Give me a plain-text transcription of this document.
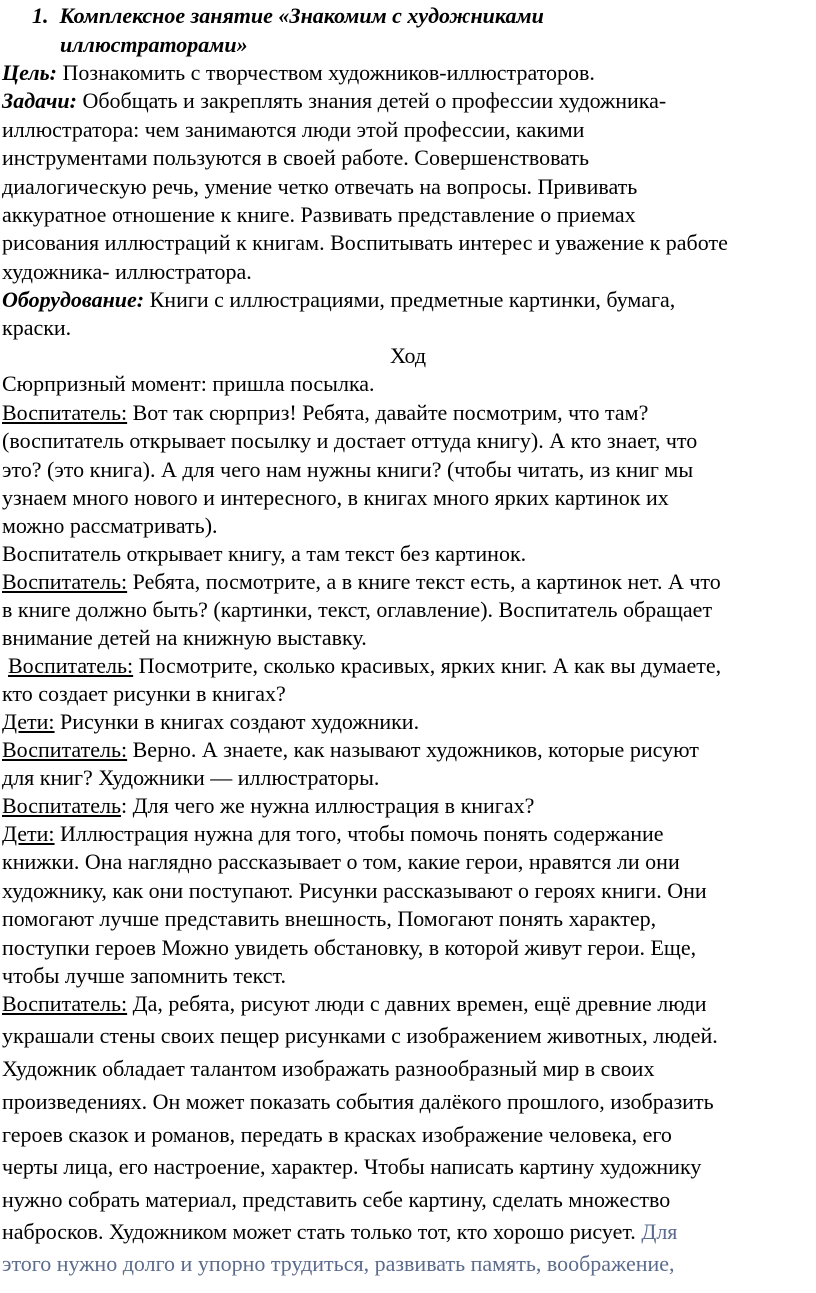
1. Комплексное занятие «Знакомим с художниками
иллюстраторами»
Цель: Познакомить с творчеством художников-иллюстраторов.
Задачи: Обобщать и закреплять знания детей о профессии художника-
иллюстратора: чем занимаются люди этой профессии, какими
инструментами пользуются в своей работе. Совершенствовать
диалогическую речь, умение четко отвечать на вопросы. Прививать
аккуратное отношение к книге. Развивать представление о приемах
рисования иллюстраций к книгам. Воспитывать интерес и уважение к работе
художника- иллюстратора.
Оборудование: Книги с иллюстрациями, предметные картинки, бумага,
краски.
Ход
Сюрпризный момент: пришла посылка.
Воспитатель: Вот так сюрприз! Ребята, давайте посмотрим, что там?
(воспитатель открывает посылку и достает оттуда книгу). А кто знает, что
это? (это книга). А для чего нам нужны книги? (чтобы читать, из книг мы
узнаем много нового и интересного, в книгах много ярких картинок их
можно рассматривать).
Воспитатель открывает книгу, а там текст без картинок.
Воспитатель: Ребята, посмотрите, а в книге текст есть, а картинок нет. А что
в книге должно быть? (картинки, текст, оглавление). Воспитатель обращает
внимание детей на книжную выставку.
Воспитатель: Посмотрите, сколько красивых, ярких книг. А как вы думаете,
кто создает рисунки в книгах?
Дети: Рисунки в книгах создают художники.
Воспитатель: Верно. А знаете, как называют художников, которые рисуют
для книг? Художники — иллюстраторы.
Воспитатель: Для чего же нужна иллюстрация в книгах?
Дети: Иллюстрация нужна для того, чтобы помочь понять содержание
книжки. Она наглядно рассказывает о том, какие герои, нравятся ли они
художнику, как они поступают. Рисунки рассказывают о героях книги. Они
помогают лучше представить внешность, Помогают понять характер,
поступки героев Можно увидеть обстановку, в которой живут герои. Еще,
чтобы лучше запомнить текст.
Воспитатель: Да, ребята, рисуют люди с давних времен, ещё древние люди
украшали стены своих пещер рисунками с изображением животных, людей.
Художник обладает талантом изображать разнообразный мир в своих
произведениях. Он может показать события далёкого прошлого, изобразить
героев сказок и романов, передать в красках изображение человека, его
черты лица, его настроение, характер. Чтобы написать картину художнику
нужно собрать материал, представить себе картину, сделать множество
набросков. Художником может стать только тот, кто хорошо рисует. Для
этого нужно долго и упорно трудиться, развивать память, воображение,
